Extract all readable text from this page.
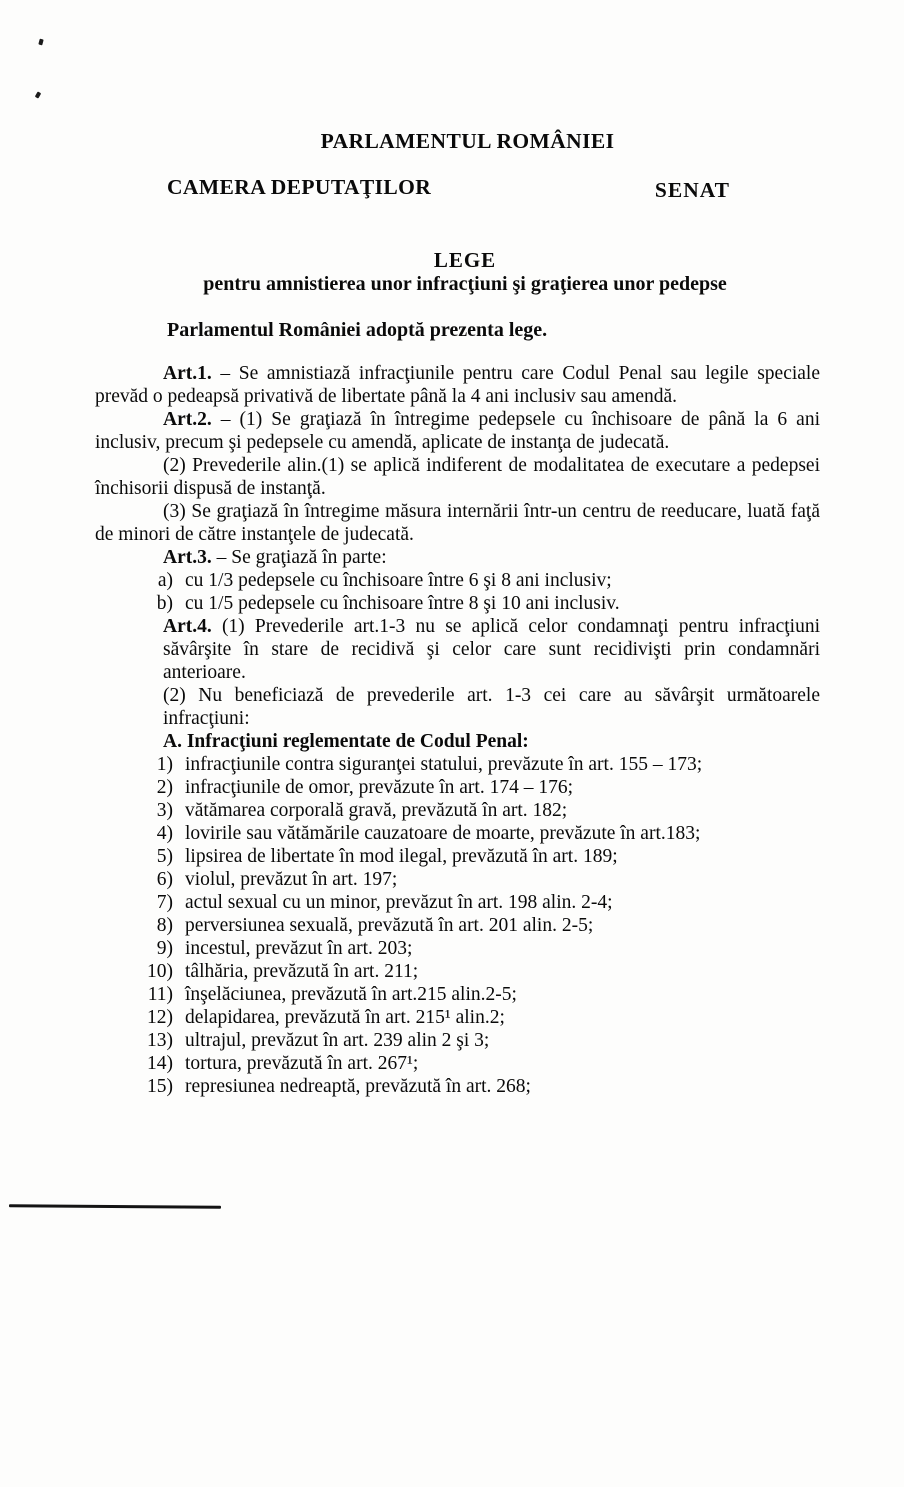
PARLAMENTUL ROMÂNIEI
CAMERA DEPUTAŢILOR	SENAT
LEGE
pentru amnistierea unor infracţiuni şi graţierea unor pedepse

Parlamentul României adoptă prezenta lege.

Art.1. – Se amnistiază infracţiunile pentru care Codul Penal sau legile speciale prevăd o pedeapsă privativă de libertate până la 4 ani inclusiv sau amendă.

Art.2. – (1) Se graţiază în întregime pedepsele cu închisoare de până la 6 ani inclusiv, precum şi pedepsele cu amendă, aplicate de instanţa de judecată.

(2) Prevederile alin.(1) se aplică indiferent de modalitatea de executare a pedepsei închisorii dispusă de instanţă.

(3) Se graţiază în întregime măsura internării într-un centru de reeducare, luată faţă de minori de către instanţele de judecată.

Art.3. – Se graţiază în parte:

a) cu 1/3 pedepsele cu închisoare între 6 şi 8 ani inclusiv;
b) cu 1/5 pedepsele cu închisoare între 8 şi 10 ani inclusiv.

Art.4. (1) Prevederile art.1-3 nu se aplică celor condamnaţi pentru infracţiuni săvârşite în stare de recidivă şi celor care sunt recidivişti prin condamnări anterioare.

(2) Nu beneficiază de prevederile art. 1-3 cei care au săvârşit următoarele infracţiuni:

A. Infracţiuni reglementate de Codul Penal:

1) infracţiunile contra siguranţei statului, prevăzute în art. 155 – 173;
2) infracţiunile de omor, prevăzute în art. 174 – 176;
3) vătămarea corporală gravă, prevăzută în art. 182;
4) lovirile sau vătămările cauzatoare de moarte, prevăzute în art.183;
5) lipsirea de libertate în mod ilegal, prevăzută în art. 189;
6) violul, prevăzut în art. 197;
7) actul sexual cu un minor, prevăzut în art. 198 alin. 2-4;
8) perversiunea sexuală, prevăzută în art. 201 alin. 2-5;
9) incestul, prevăzut în art. 203;
10) tâlhăria, prevăzută în art. 211;
11) înşelăciunea, prevăzută în art.215 alin.2-5;
12) delapidarea, prevăzută în art. 215¹ alin.2;
13) ultrajul, prevăzut în art. 239 alin 2 şi 3;
14) tortura, prevăzută în art. 267¹;
15) represiunea nedreaptă, prevăzută în art. 268;
